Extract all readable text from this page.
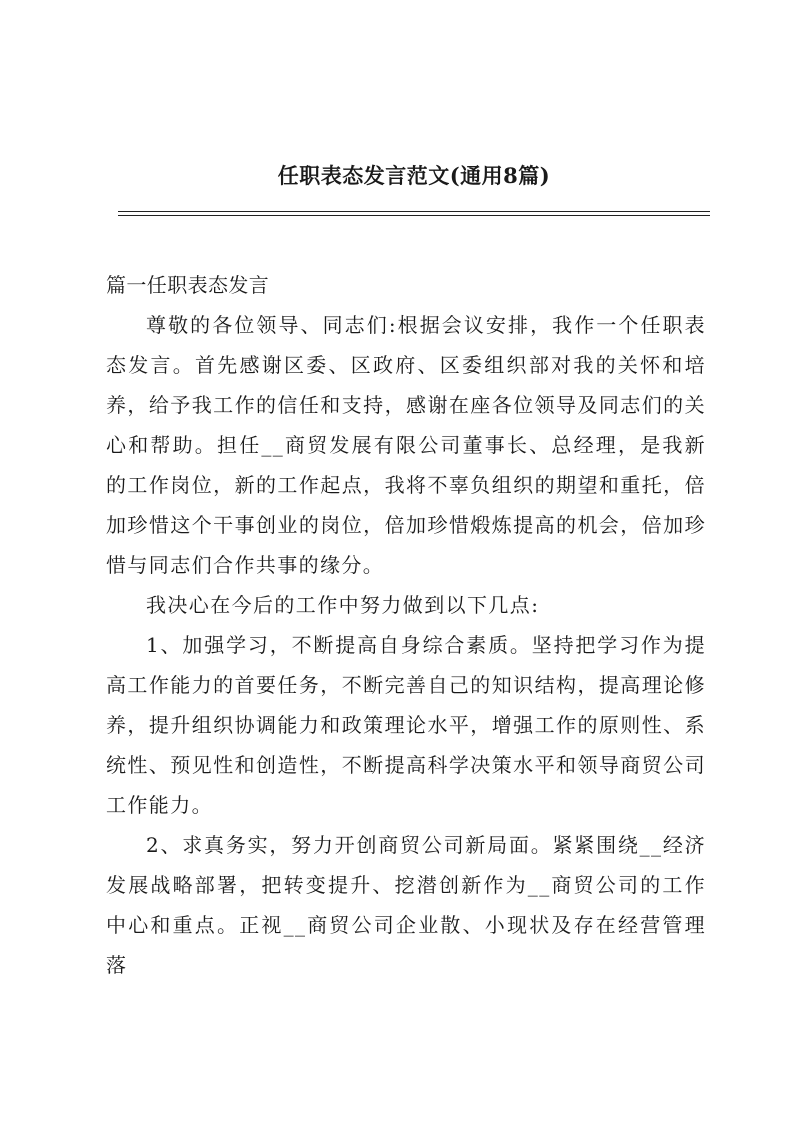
任职表态发言范文(通用8篇)

篇一任职表态发言

尊敬的各位领导、同志们:根据会议安排，我作一个任职表态发言。首先感谢区委、区政府、区委组织部对我的关怀和培养，给予我工作的信任和支持，感谢在座各位领导及同志们的关心和帮助。担任__商贸发展有限公司董事长、总经理，是我新的工作岗位，新的工作起点，我将不辜负组织的期望和重托，倍加珍惜这个干事创业的岗位，倍加珍惜煅炼提高的机会，倍加珍惜与同志们合作共事的缘分。

我决心在今后的工作中努力做到以下几点:

1、加强学习，不断提高自身综合素质。坚持把学习作为提高工作能力的首要任务，不断完善自己的知识结构，提高理论修养，提升组织协调能力和政策理论水平，增强工作的原则性、系统性、预见性和创造性，不断提高科学决策水平和领导商贸公司工作能力。

2、求真务实，努力开创商贸公司新局面。紧紧围绕__经济发展战略部署，把转变提升、挖潜创新作为__商贸公司的工作中心和重点。正视__商贸公司企业散、小现状及存在经营管理落
